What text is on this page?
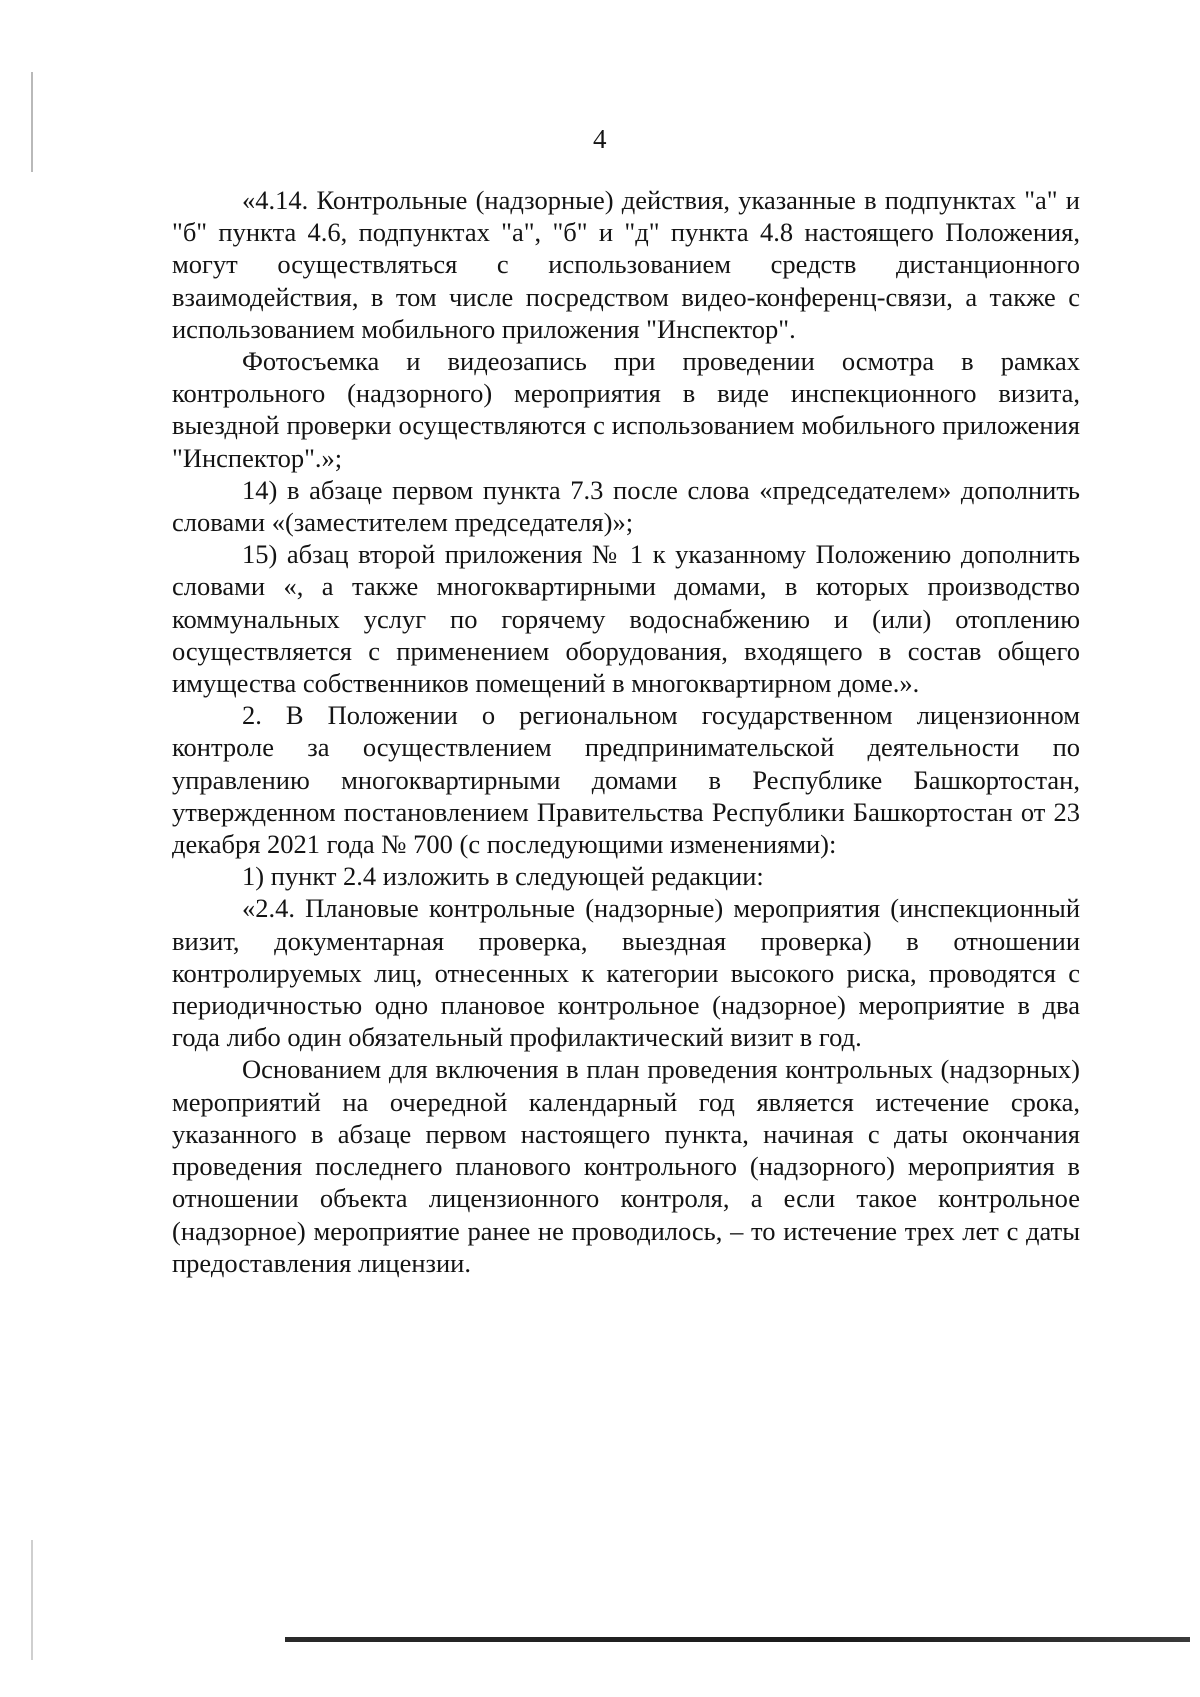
4

«4.14. Контрольные (надзорные) действия, указанные в подпунктах "а" и "б" пункта 4.6, подпунктах "а", "б" и "д" пункта 4.8 настоящего Положения, могут осуществляться с использованием средств дистанционного взаимодействия, в том числе посредством видео-конференц-связи, а также с использованием мобильного приложения "Инспектор".

Фотосъемка и видеозапись при проведении осмотра в рамках контрольного (надзорного) мероприятия в виде инспекционного визита, выездной проверки осуществляются с использованием мобильного приложения "Инспектор".»;

14) в абзаце первом пункта 7.3 после слова «председателем» дополнить словами «(заместителем председателя)»;

15) абзац второй приложения № 1 к указанному Положению дополнить словами «, а также многоквартирными домами, в которых производство коммунальных услуг по горячему водоснабжению и (или) отоплению осуществляется с применением оборудования, входящего в состав общего имущества собственников помещений в многоквартирном доме.».

2. В Положении о региональном государственном лицензионном контроле за осуществлением предпринимательской деятельности по управлению многоквартирными домами в Республике Башкортостан, утвержденном постановлением Правительства Республики Башкортостан от 23 декабря 2021 года № 700 (с последующими изменениями):

1) пункт 2.4 изложить в следующей редакции:

«2.4. Плановые контрольные (надзорные) мероприятия (инспекционный визит, документарная проверка, выездная проверка) в отношении контролируемых лиц, отнесенных к категории высокого риска, проводятся с периодичностью одно плановое контрольное (надзорное) мероприятие в два года либо один обязательный профилактический визит в год.

Основанием для включения в план проведения контрольных (надзорных) мероприятий на очередной календарный год является истечение срока, указанного в абзаце первом настоящего пункта, начиная с даты окончания проведения последнего планового контрольного (надзорного) мероприятия в отношении объекта лицензионного контроля, а если такое контрольное (надзорное) мероприятие ранее не проводилось, – то истечение трех лет с даты предоставления лицензии.
